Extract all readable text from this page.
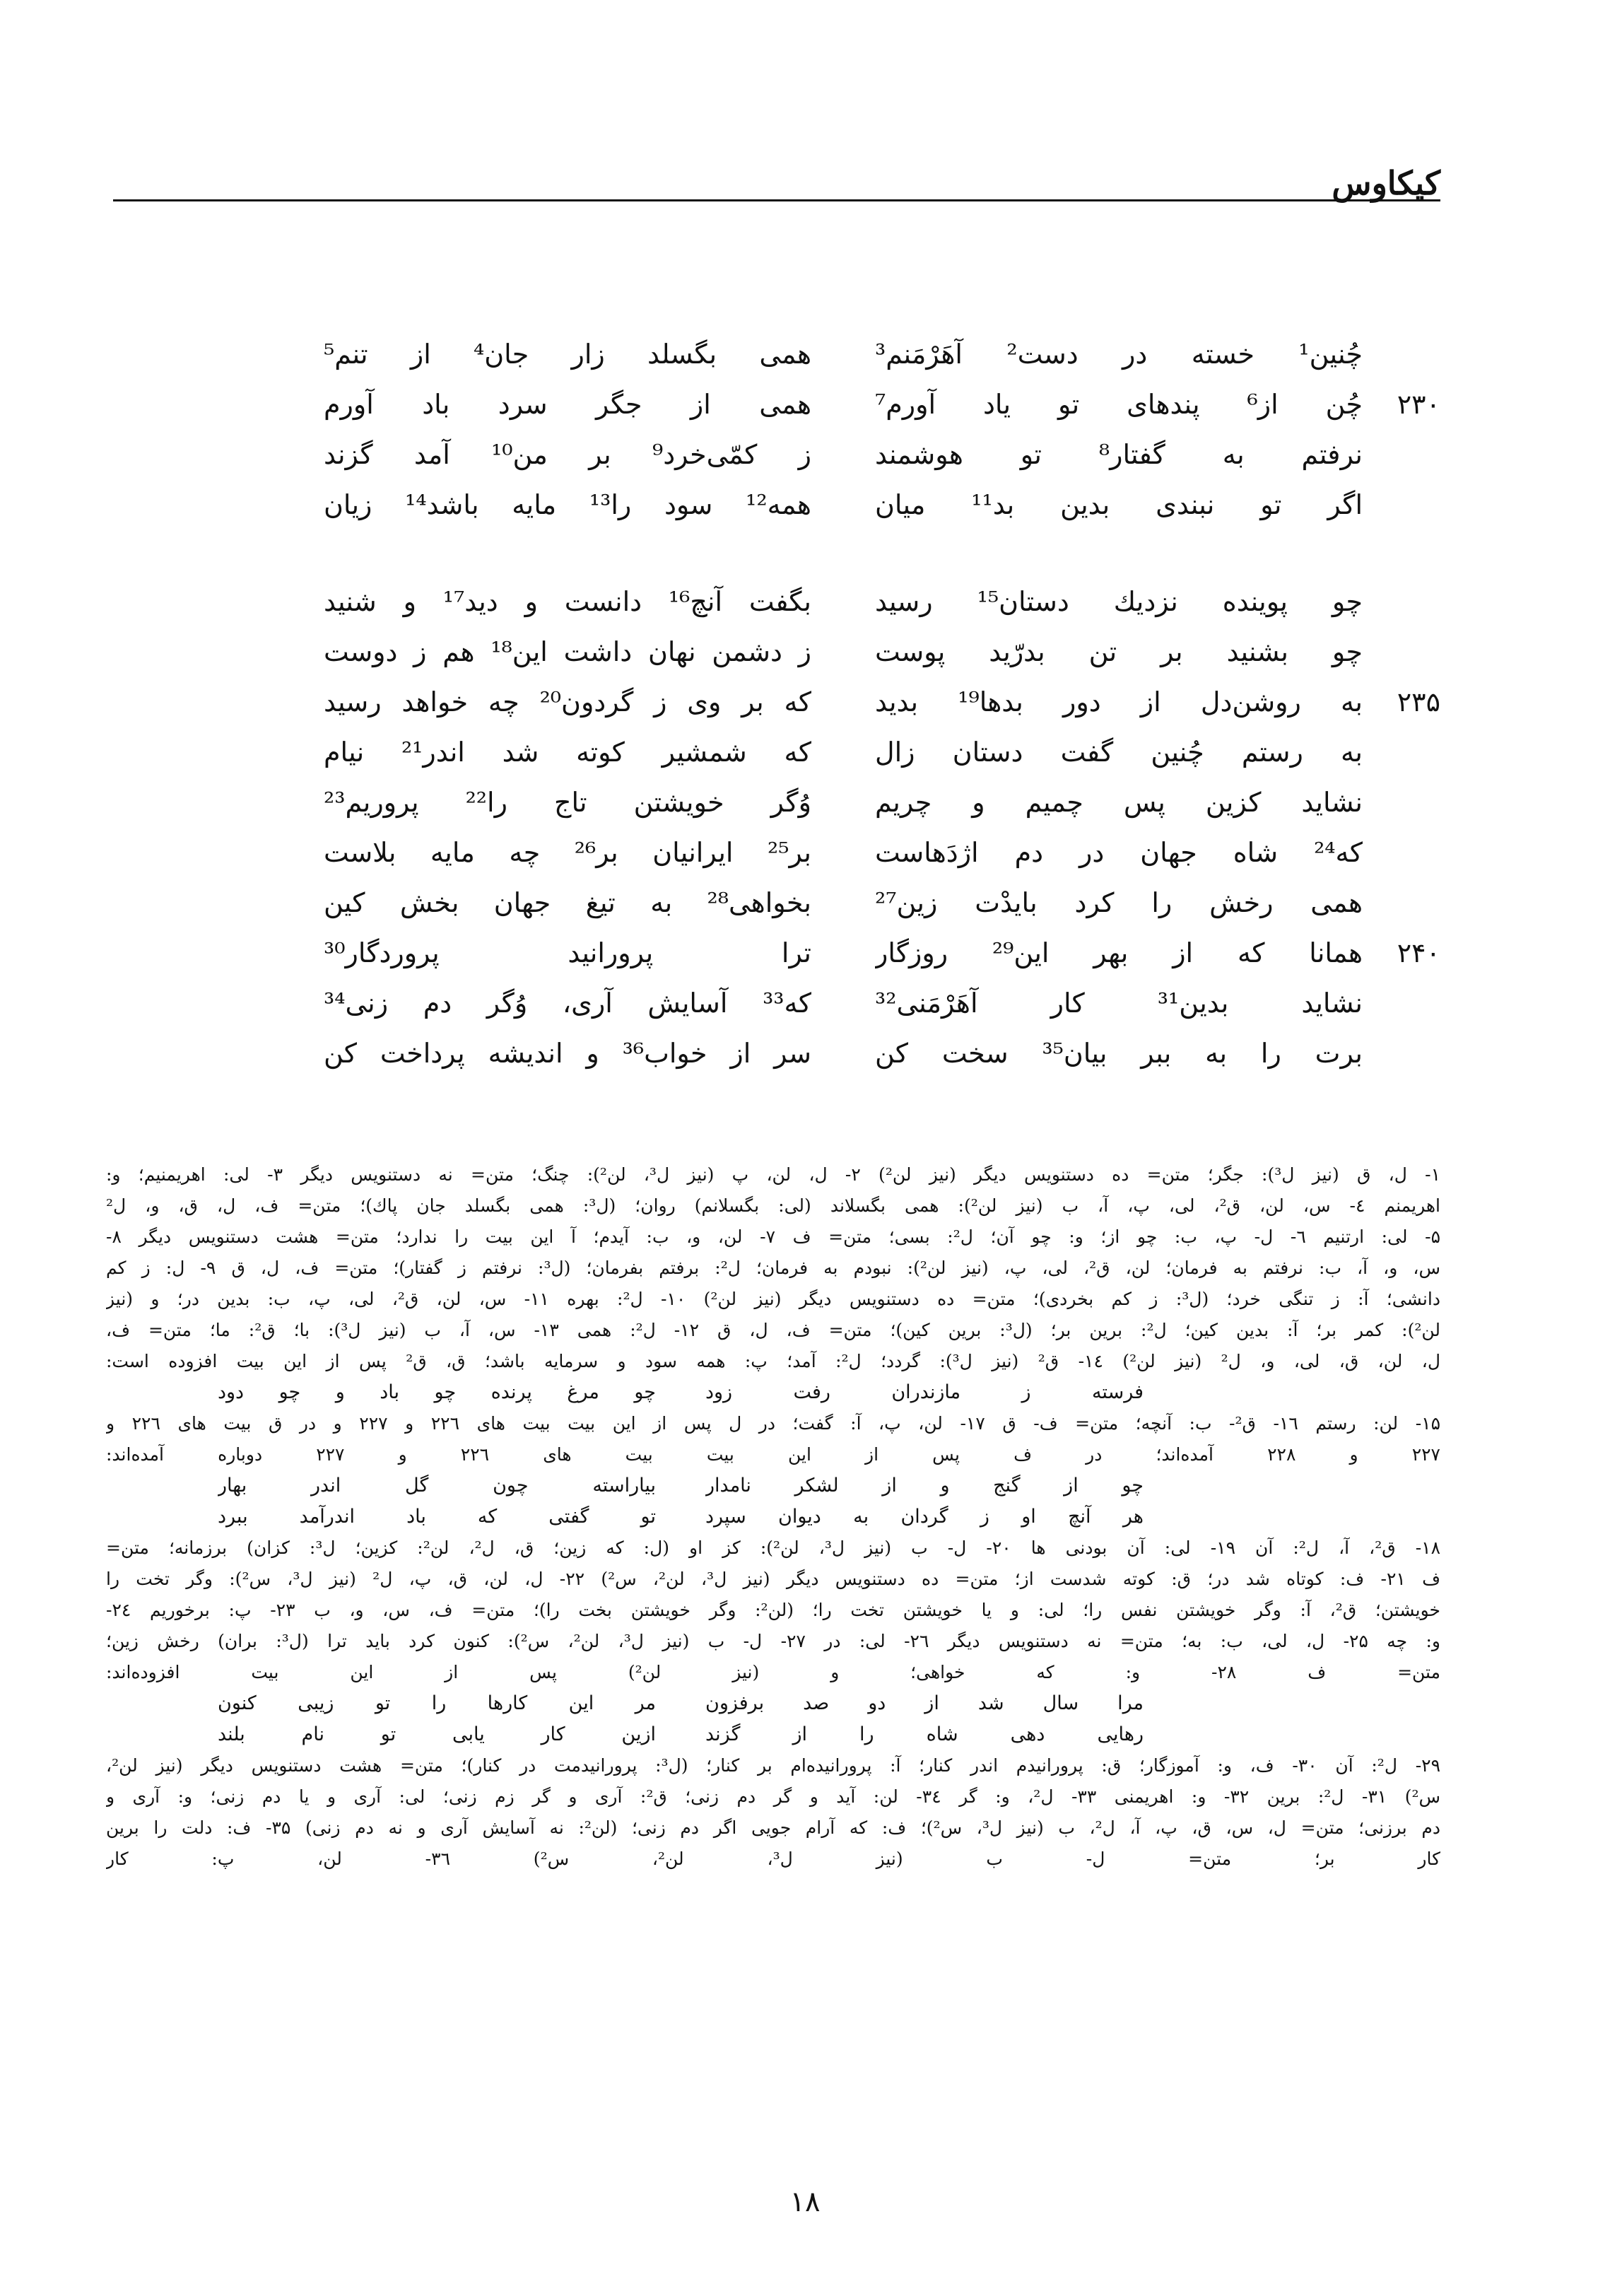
کیکاوس
چُنین¹ خسته در دست² آهَرْمَنم³
همی بگسلد زار جان⁴ از تنم⁵
۲۳۰
چُن از⁶ پندهای تو یاد آورم⁷
همی از جگر سرد باد آورم
نرفتم به گفتار⁸ تو هوشمند
ز کمّی‌خرد⁹ بر من¹⁰ آمد گزند
اگر تو نبندی بدین بد¹¹ میان
همه¹² سود را¹³ مایه باشد¹⁴ زیان
چو پوینده نزدیك دستان¹⁵ رسید
بگفت آنچ¹⁶ دانست و دید¹⁷ و شنید
چو بشنید بر تن بدرّید پوست
ز دشمن نهان داشت این¹⁸ هم ز دوست
۲۳۵
به روشن‌دل از دور بدها¹⁹ بدید
که بر وی ز گردون²⁰ چه خواهد رسید
به رستم چُنین گفت دستان زال
که شمشیر کوته شد اندر²¹ نیام
نشاید کزین پس چمیم و چریم
وُگر خویشتن تاج را²² پروریم²³
که²⁴ شاه جهان در دم اژدَهاست
بر²⁵ ایرانیان بر²⁶ چه مایه بلاست
همی رخش را کرد بایدْت زین²⁷
بخواهی²⁸ به تیغ جهان بخش کین
۲۴۰
همانا که از بهر این²⁹ روزگار
ترا پرورانید پروردگار³⁰
نشاید بدین³¹ کار آهَرْمَنی³²
که³³ آسایش آری، وُگر دم زنی³⁴
برت را به ببر بیان³⁵ سخت کن
سر از خواب³⁶ و اندیشه پرداخت کن
۱- ل، ق (نیز ل³): جگر؛ متن= ده دستنویس دیگر (نیز لن²) ۲- ل، لن، پ (نیز ل³، لن²): چنگ؛ متن= نه دستنویس دیگر ۳- لی: اهریمنیم؛ و:
اهریمنم ٤- س، لن، ق²، لی، پ، آ، ب (نیز لن²): همی بگسلاند (لی: بگسلانم) روان؛ (ل³: همی بگسلد جان پاك)؛ متن= ف، ل، ق، و، ل²
۵- لی: ارتنیم ٦- ل- پ، ب: چو از؛ و: چو آن؛ ل²: بسی؛ متن= ف ۷- لن، و، ب: آیدم؛ آ این بیت را ندارد؛ متن= هشت دستنویس دیگر ۸-
س، و، آ، ب: نرفتم به فرمان؛ لن، ق²، لی، پ، (نیز لن²): نبودم به فرمان؛ ل²: برفتم بفرمان؛ (ل³: نرفتم ز گفتار)؛ متن= ف، ل، ق ۹- ل: ز کم
دانشی؛ آ: ز تنگی خرد؛ (ل³: ز کم بخردی)؛ متن= ده دستنویس دیگر (نیز لن²) ۱۰- ل²: بهره ۱۱- س، لن، ق²، لی، پ، ب: بدین در؛ و (نیز
لن²): کمر بر؛ آ: بدین کین؛ ل²: برین بر؛ (ل³: برین کین)؛ متن= ف، ل، ق ۱۲- ل²: همی ۱۳- س، آ، ب (نیز ل³): با؛ ق²: ما؛ متن= ف،
ل، لن، ق، لی، و، ل² (نیز لن²) ١٤- ق² (نیز ل³): گردد؛ ل²: آمد؛ پ: همه سود و سرمایه باشد؛ ق، ق² پس از این بیت افزوده است:
فرسته ز مازندران رفت زود
چو مرغ پرنده چو باد و چو دود
۱۵- لن: رستم ۱٦- ق²- ب: آنچه؛ متن= ف- ق ۱۷- لن، پ، آ: گفت؛ در ل پس از این بیت بیت های ۲۲٦ و ۲۲۷ و در ق بیت های ۲۲٦ و
۲۲۷ و ۲۲۸ آمده‌اند؛ در ف پس از این بیت بیت های ۲۲٦ و ۲۲۷ دوباره آمده‌اند:
چو از گنج و از لشکر نامدار
بیاراسته چون گل اندر بهار
هر آنچ او ز گردان به دیوان سپرد
تو گفتی که باد اندرآمد ببرد
۱۸- ق²، آ، ل²: آن ۱۹- لی: آن بودنی ها ۲۰- ل- ب (نیز ل³، لن²): کز او (ل: که زین؛ ق، ل²، لن²: کزین؛ ل³: کزان) برزمانه؛ متن=
ف ۲۱- ف: کوتاه شد در؛ ق: کوته شدست از؛ متن= ده دستنویس دیگر (نیز ل³، لن²، س²) ۲۲- ل، لن، ق، پ، ل² (نیز ل³، س²): وگر تخت را
خویشتن؛ ق²، آ: وگر خویشتن نفس را؛ لی: و یا خویشتن تخت را؛ (لن²: وگر خویشتن بخت را)؛ متن= ف، س، و، ب ۲۳- پ: برخوریم ۲٤-
و: چه ۲۵- ل، لی، ب: به؛ متن= نه دستنویس دیگر ۲٦- لی: در ۲۷- ل- ب (نیز ل³، لن²، س²): کنون کرد باید ترا (ل³: بران) رخش زین؛
متن= ف ۲۸- و: که خواهی؛ و (نیز لن²) پس از این بیت افزوده‌اند:
مرا سال شد از دو صد برفزون
مر این کارها را تو زیبی کنون
رهایی دهی شاه را از گزند
ازین کار یابی تو نام بلند
۲۹- ل²: آن ۳۰- ف، و: آموزگار؛ ق: پرورانیدم اندر کنار؛ آ: پرورانیده‌ام بر کنار؛ (ل³: پرورانیدمت در کنار)؛ متن= هشت دستنویس دیگر (نیز لن²،
س²) ۳۱- ل²: برین ۳۲- و: اهریمنی ۳۳- ل²، و: گر ۳٤- لن: آید و گر دم زنی؛ ق²: آری و گر زم زنی؛ لی: آری و یا دم زنی؛ و: آری و
دم برزنی؛ متن= ل، س، ق، پ، آ، ل²، ب (نیز ل³، س²)؛ ف: که آرام جویی اگر دم زنی؛ (لن²: نه آسایش آری و نه دم زنی) ۳۵- ف: دلت را برین
کار بر؛ متن= ل- ب (نیز ل³، لن²، س²) ۳٦- لن، پ: کار
۱۸
